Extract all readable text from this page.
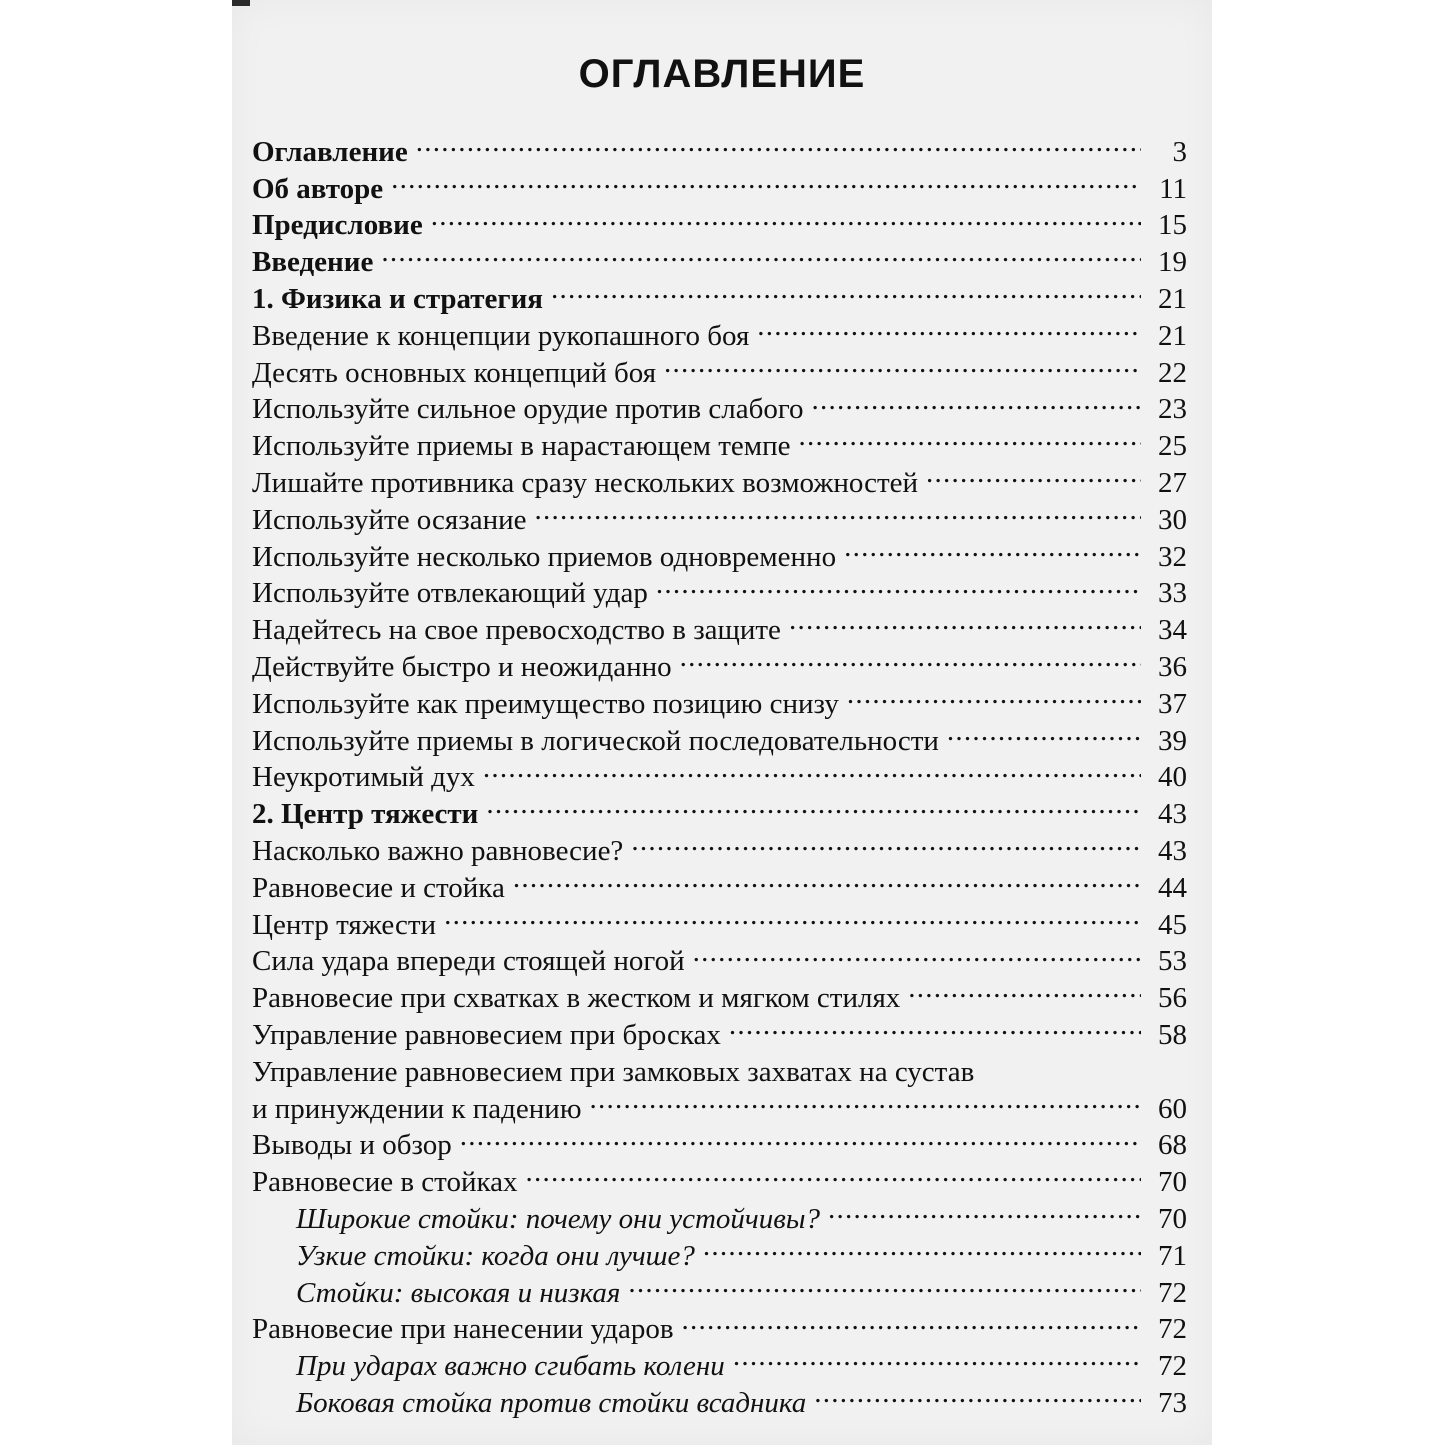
ОГЛАВЛЕНИЕ
Оглавление . . .	3
Об авторе . . .	11
Предисловие . . .	15
Введение . . .	19
1. Физика и стратегия . . .	21
Введение к концепции рукопашного боя . . .	21
Десять основных концепций боя . . .	22
Используйте сильное орудие против слабого . . .	23
Используйте приемы в нарастающем темпе . . .	25
Лишайте противника сразу нескольких возможностей . . .	27
Используйте осязание . . .	30
Используйте несколько приемов одновременно . . .	32
Используйте отвлекающий удар . . .	33
Надейтесь на свое превосходство в защите . . .	34
Действуйте быстро и неожиданно . . .	36
Используйте как преимущество позицию снизу . . .	37
Используйте приемы в логической последовательности . . .	39
Неукротимый дух . . .	40
2. Центр тяжести . . .	43
Насколько важно равновесие? . . .	43
Равновесие и стойка . . .	44
Центр тяжести . . .	45
Сила удара впереди стоящей ногой . . .	53
Равновесие при схватках в жестком и мягком стилях . . .	56
Управление равновесием при бросках . . .	58
Управление равновесием при замковых захватах на сустав
и принуждении к падению . . .	60
Выводы и обзор . . .	68
Равновесие в стойках . . .	70
Широкие стойки: почему они устойчивы? . . .	70
Узкие стойки: когда они лучше? . . .	71
Стойки: высокая и низкая . . .	72
Равновесие при нанесении ударов . . .	72
При ударах важно сгибать колени . . .	72
Боковая стойка против стойки всадника . . .	73
